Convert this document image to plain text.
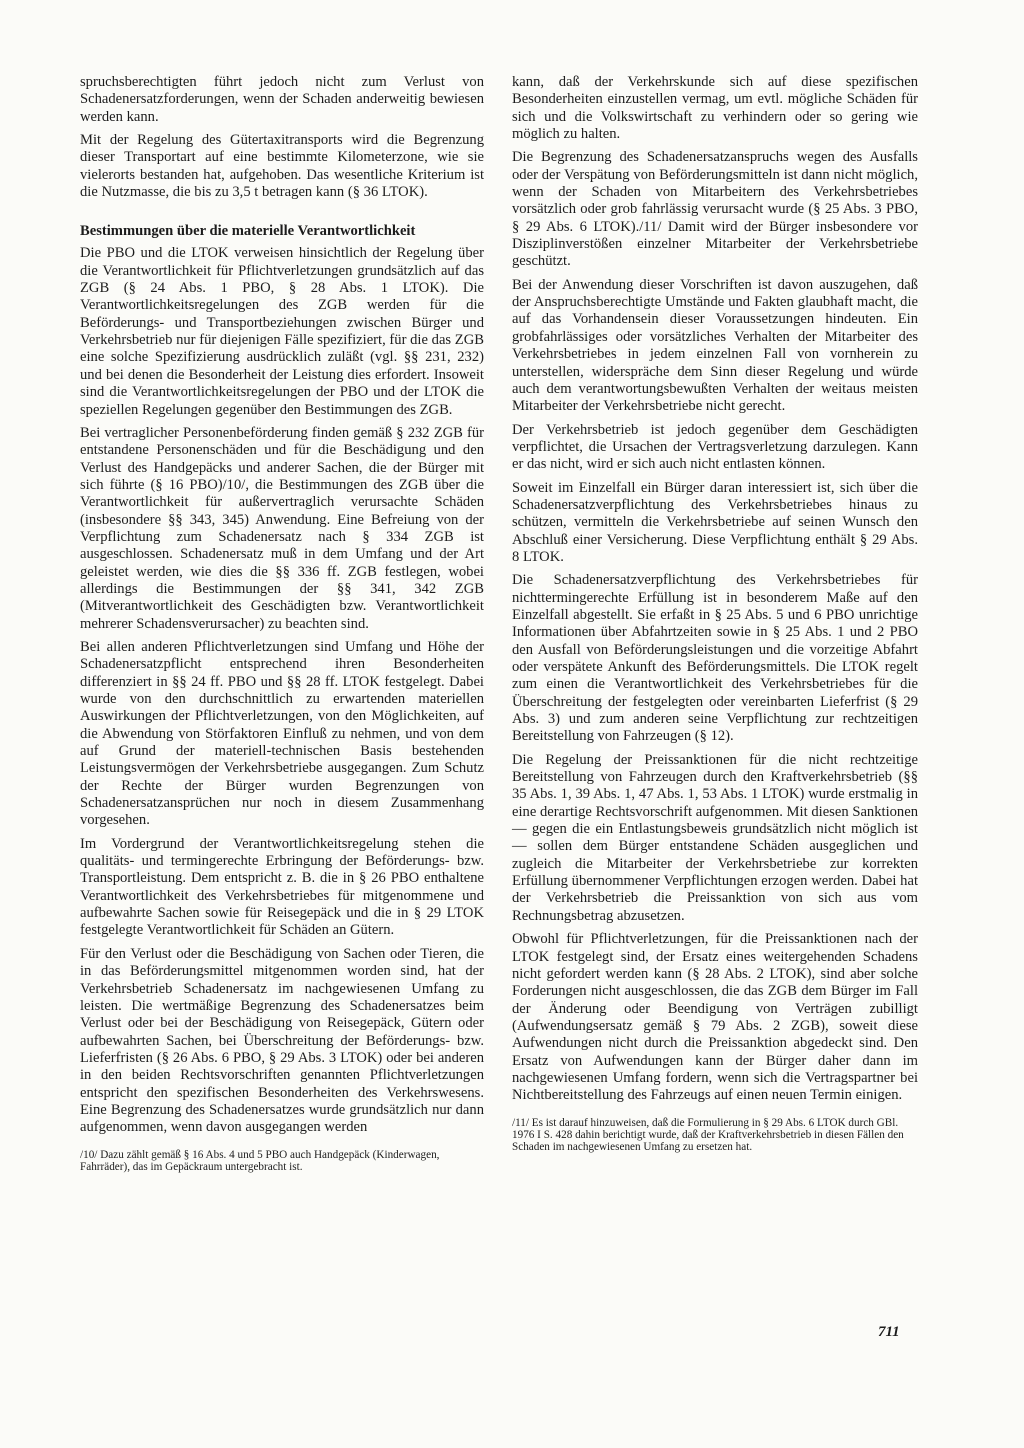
spruchsberechtigten führt jedoch nicht zum Verlust von Schadenersatzforderungen, wenn der Schaden anderweitig bewiesen werden kann.

Mit der Regelung des Gütertaxitransports wird die Begrenzung dieser Transportart auf eine bestimmte Kilometerzone, wie sie vielerorts bestanden hat, aufgehoben. Das wesentliche Kriterium ist die Nutzmasse, die bis zu 3,5 t betragen kann (§ 36 LTOK).

Bestimmungen über die materielle Verantwortlichkeit

Die PBO und die LTOK verweisen hinsichtlich der Regelung über die Verantwortlichkeit für Pflichtverletzungen grundsätzlich auf das ZGB (§ 24 Abs. 1 PBO, § 28 Abs. 1 LTOK). Die Verantwortlichkeitsregelungen des ZGB werden für die Beförderungs- und Transportbeziehungen zwischen Bürger und Verkehrsbetrieb nur für diejenigen Fälle spezifiziert, für die das ZGB eine solche Spezifizierung ausdrücklich zuläßt (vgl. §§ 231, 232) und bei denen die Besonderheit der Leistung dies erfordert. Insoweit sind die Verantwortlichkeitsregelungen der PBO und der LTOK die speziellen Regelungen gegenüber den Bestimmungen des ZGB.

Bei vertraglicher Personenbeförderung finden gemäß § 232 ZGB für entstandene Personenschäden und für die Beschädigung und den Verlust des Handgepäcks und anderer Sachen, die der Bürger mit sich führte (§ 16 PBO)/10/, die Bestimmungen des ZGB über die Verantwortlichkeit für außervertraglich verursachte Schäden (insbesondere §§ 343, 345) Anwendung. Eine Befreiung von der Verpflichtung zum Schadenersatz nach § 334 ZGB ist ausgeschlossen. Schadenersatz muß in dem Umfang und der Art geleistet werden, wie dies die §§ 336 ff. ZGB festlegen, wobei allerdings die Bestimmungen der §§ 341, 342 ZGB (Mitverantwortlichkeit des Geschädigten bzw. Verantwortlichkeit mehrerer Schadensverursacher) zu beachten sind.

Bei allen anderen Pflichtverletzungen sind Umfang und Höhe der Schadenersatzpflicht entsprechend ihren Besonderheiten differenziert in §§ 24 ff. PBO und §§ 28 ff. LTOK festgelegt. Dabei wurde von den durchschnittlich zu erwartenden materiellen Auswirkungen der Pflichtverletzungen, von den Möglichkeiten, auf die Abwendung von Störfaktoren Einfluß zu nehmen, und von dem auf Grund der materiell-technischen Basis bestehenden Leistungsvermögen der Verkehrsbetriebe ausgegangen. Zum Schutz der Rechte der Bürger wurden Begrenzungen von Schadenersatzansprüchen nur noch in diesem Zusammenhang vorgesehen.

Im Vordergrund der Verantwortlichkeitsregelung stehen die qualitäts- und termingerechte Erbringung der Beförderungs- bzw. Transportleistung. Dem entspricht z. B. die in § 26 PBO enthaltene Verantwortlichkeit des Verkehrsbetriebes für mitgenommene und aufbewahrte Sachen sowie für Reisegepäck und die in § 29 LTOK festgelegte Verantwortlichkeit für Schäden an Gütern.

Für den Verlust oder die Beschädigung von Sachen oder Tieren, die in das Beförderungsmittel mitgenommen worden sind, hat der Verkehrsbetrieb Schadenersatz im nachgewiesenen Umfang zu leisten. Die wertmäßige Begrenzung des Schadenersatzes beim Verlust oder bei der Beschädigung von Reisegepäck, Gütern oder aufbewahrten Sachen, bei Überschreitung der Beförderungs- bzw. Lieferfristen (§ 26 Abs. 6 PBO, § 29 Abs. 3 LTOK) oder bei anderen in den beiden Rechtsvorschriften genannten Pflichtverletzungen entspricht den spezifischen Besonderheiten des Verkehrswesens. Eine Begrenzung des Schadenersatzes wurde grundsätzlich nur dann aufgenommen, wenn davon ausgegangen werden

/10/ Dazu zählt gemäß § 16 Abs. 4 und 5 PBO auch Handgepäck (Kinderwagen, Fahrräder), das im Gepäckraum untergebracht ist.

kann, daß der Verkehrskunde sich auf diese spezifischen Besonderheiten einzustellen vermag, um evtl. mögliche Schäden für sich und die Volkswirtschaft zu verhindern oder so gering wie möglich zu halten.

Die Begrenzung des Schadenersatzanspruchs wegen des Ausfalls oder der Verspätung von Beförderungsmitteln ist dann nicht möglich, wenn der Schaden von Mitarbeitern des Verkehrsbetriebes vorsätzlich oder grob fahrlässig verursacht wurde (§ 25 Abs. 3 PBO, § 29 Abs. 6 LTOK)./11/ Damit wird der Bürger insbesondere vor Disziplinverstößen einzelner Mitarbeiter der Verkehrsbetriebe geschützt.

Bei der Anwendung dieser Vorschriften ist davon auszugehen, daß der Anspruchsberechtigte Umstände und Fakten glaubhaft macht, die auf das Vorhandensein dieser Voraussetzungen hindeuten. Ein grobfahrlässiges oder vorsätzliches Verhalten der Mitarbeiter des Verkehrsbetriebes in jedem einzelnen Fall von vornherein zu unterstellen, widerspräche dem Sinn dieser Regelung und würde auch dem verantwortungsbewußten Verhalten der weitaus meisten Mitarbeiter der Verkehrsbetriebe nicht gerecht.

Der Verkehrsbetrieb ist jedoch gegenüber dem Geschädigten verpflichtet, die Ursachen der Vertragsverletzung darzulegen. Kann er das nicht, wird er sich auch nicht entlasten können.

Soweit im Einzelfall ein Bürger daran interessiert ist, sich über die Schadenersatzverpflichtung des Verkehrsbetriebes hinaus zu schützen, vermitteln die Verkehrsbetriebe auf seinen Wunsch den Abschluß einer Versicherung. Diese Verpflichtung enthält § 29 Abs. 8 LTOK.

Die Schadenersatzverpflichtung des Verkehrsbetriebes für nichttermingerechte Erfüllung ist in besonderem Maße auf den Einzelfall abgestellt. Sie erfaßt in § 25 Abs. 5 und 6 PBO unrichtige Informationen über Abfahrtzeiten sowie in § 25 Abs. 1 und 2 PBO den Ausfall von Beförderungsleistungen und die vorzeitige Abfahrt oder verspätete Ankunft des Beförderungsmittels. Die LTOK regelt zum einen die Verantwortlichkeit des Verkehrsbetriebes für die Überschreitung der festgelegten oder vereinbarten Lieferfrist (§ 29 Abs. 3) und zum anderen seine Verpflichtung zur rechtzeitigen Bereitstellung von Fahrzeugen (§ 12).

Die Regelung der Preissanktionen für die nicht rechtzeitige Bereitstellung von Fahrzeugen durch den Kraftverkehrsbetrieb (§§ 35 Abs. 1, 39 Abs. 1, 47 Abs. 1, 53 Abs. 1 LTOK) wurde erstmalig in eine derartige Rechtsvorschrift aufgenommen. Mit diesen Sanktionen — gegen die ein Entlastungsbeweis grundsätzlich nicht möglich ist — sollen dem Bürger entstandene Schäden ausgeglichen und zugleich die Mitarbeiter der Verkehrsbetriebe zur korrekten Erfüllung übernommener Verpflichtungen erzogen werden. Dabei hat der Verkehrsbetrieb die Preissanktion von sich aus vom Rechnungsbetrag abzusetzen.

Obwohl für Pflichtverletzungen, für die Preissanktionen nach der LTOK festgelegt sind, der Ersatz eines weitergehenden Schadens nicht gefordert werden kann (§ 28 Abs. 2 LTOK), sind aber solche Forderungen nicht ausgeschlossen, die das ZGB dem Bürger im Fall der Änderung oder Beendigung von Verträgen zubilligt (Aufwendungsersatz gemäß § 79 Abs. 2 ZGB), soweit diese Aufwendungen nicht durch die Preissanktion abgedeckt sind. Den Ersatz von Aufwendungen kann der Bürger daher dann im nachgewiesenen Umfang fordern, wenn sich die Vertragspartner bei Nichtbereitstellung des Fahrzeugs auf einen neuen Termin einigen.

/11/ Es ist darauf hinzuweisen, daß die Formulierung in § 29 Abs. 6 LTOK durch GBl. 1976 I S. 428 dahin berichtigt wurde, daß der Kraftverkehrsbetrieb in diesen Fällen den Schaden im nachgewiesenen Umfang zu ersetzen hat.
711
